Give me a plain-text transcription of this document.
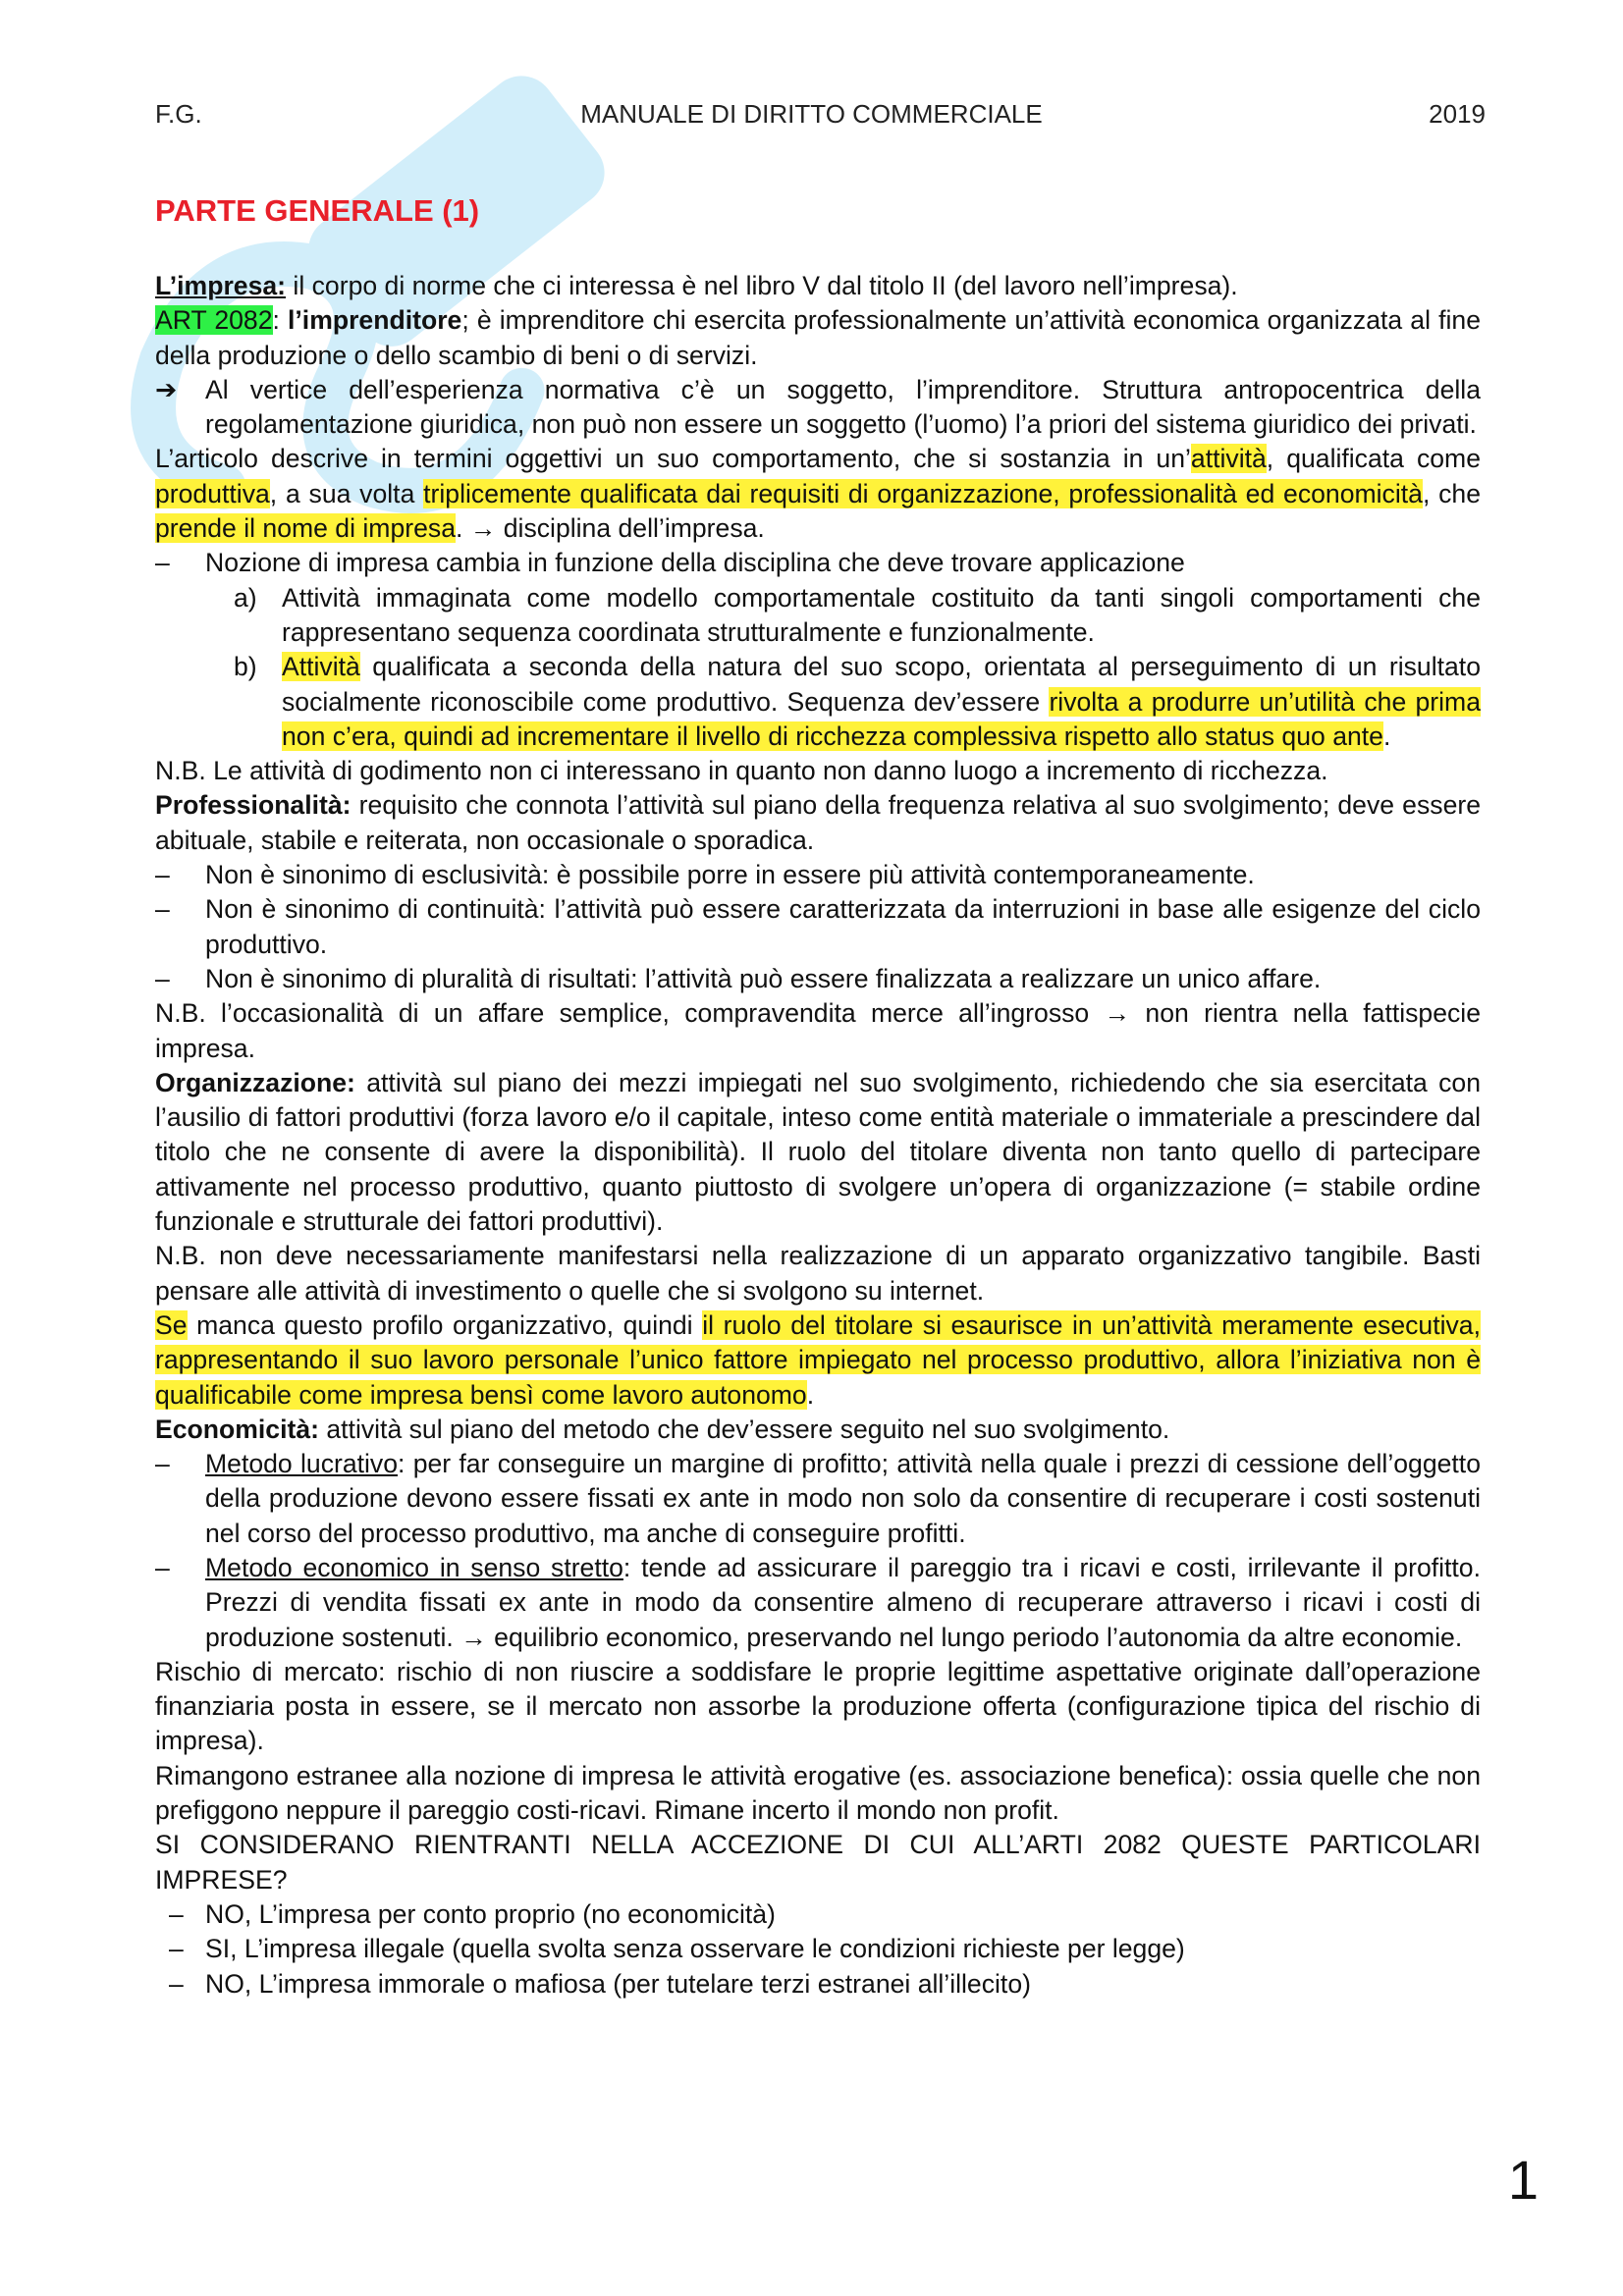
F.G.	MANUALE DI DIRITTO COMMERCIALE	2019
PARTE GENERALE (1)

L’impresa: il corpo di norme che ci interessa è nel libro V dal titolo II (del lavoro nell’impresa).

ART 2082: l’imprenditore; è imprenditore chi esercita professionalmente un’attività economica organizzata al fine della produzione o dello scambio di beni o di servizi.

➔ Al vertice dell’esperienza normativa c’è un soggetto, l’imprenditore. Struttura antropocentrica della regolamentazione giuridica, non può non essere un soggetto (l’uomo) l’a priori del sistema giuridico dei privati.

L’articolo descrive in termini oggettivi un suo comportamento, che si sostanzia in un’attività, qualificata come produttiva, a sua volta triplicemente qualificata dai requisiti di organizzazione, professionalità ed economicità, che prende il nome di impresa. → disciplina dell’impresa.

– Nozione di impresa cambia in funzione della disciplina che deve trovare applicazione

a) Attività immaginata come modello comportamentale costituito da tanti singoli comportamenti che rappresentano sequenza coordinata strutturalmente e funzionalmente.

b) Attività qualificata a seconda della natura del suo scopo, orientata al perseguimento di un risultato socialmente riconoscibile come produttivo. Sequenza dev’essere rivolta a produrre un’utilità che prima non c’era, quindi ad incrementare il livello di ricchezza complessiva rispetto allo status quo ante.

N.B. Le attività di godimento non ci interessano in quanto non danno luogo a incremento di ricchezza.

Professionalità: requisito che connota l’attività sul piano della frequenza relativa al suo svolgimento; deve essere abituale, stabile e reiterata, non occasionale o sporadica.

– Non è sinonimo di esclusività: è possibile porre in essere più attività contemporaneamente.

– Non è sinonimo di continuità: l’attività può essere caratterizzata da interruzioni in base alle esigenze del ciclo produttivo.

– Non è sinonimo di pluralità di risultati: l’attività può essere finalizzata a realizzare un unico affare.

N.B. l’occasionalità di un affare semplice, compravendita merce all’ingrosso → non rientra nella fattispecie impresa.

Organizzazione: attività sul piano dei mezzi impiegati nel suo svolgimento, richiedendo che sia esercitata con l’ausilio di fattori produttivi (forza lavoro e/o il capitale, inteso come entità materiale o immateriale a prescindere dal titolo che ne consente di avere la disponibilità). Il ruolo del titolare diventa non tanto quello di partecipare attivamente nel processo produttivo, quanto piuttosto di svolgere un’opera di organizzazione (= stabile ordine funzionale e strutturale dei fattori produttivi).

N.B. non deve necessariamente manifestarsi nella realizzazione di un apparato organizzativo tangibile. Basti pensare alle attività di investimento o quelle che si svolgono su internet.

Se manca questo profilo organizzativo, quindi il ruolo del titolare si esaurisce in un’attività meramente esecutiva, rappresentando il suo lavoro personale l’unico fattore impiegato nel processo produttivo, allora l’iniziativa non è qualificabile come impresa bensì come lavoro autonomo.

Economicità: attività sul piano del metodo che dev’essere seguito nel suo svolgimento.

– Metodo lucrativo: per far conseguire un margine di profitto; attività nella quale i prezzi di cessione dell’oggetto della produzione devono essere fissati ex ante in modo non solo da consentire di recuperare i costi sostenuti nel corso del processo produttivo, ma anche di conseguire profitti.

– Metodo economico in senso stretto: tende ad assicurare il pareggio tra i ricavi e costi, irrilevante il profitto. Prezzi di vendita fissati ex ante in modo da consentire almeno di recuperare attraverso i ricavi i costi di produzione sostenuti. → equilibrio economico, preservando nel lungo periodo l’autonomia da altre economie.

Rischio di mercato: rischio di non riuscire a soddisfare le proprie legittime aspettative originate dall’operazione finanziaria posta in essere, se il mercato non assorbe la produzione offerta (configurazione tipica del rischio di impresa).

Rimangono estranee alla nozione di impresa le attività erogative (es. associazione benefica): ossia quelle che non prefiggono neppure il pareggio costi-ricavi. Rimane incerto il mondo non profit.

SI CONSIDERANO RIENTRANTI NELLA ACCEZIONE DI CUI ALL’ARTI 2082 QUESTE PARTICOLARI IMPRESE?

– NO, L’impresa per conto proprio (no economicità)

– SI, L’impresa illegale (quella svolta senza osservare le condizioni richieste per legge)

– NO, L’impresa immorale o mafiosa (per tutelare terzi estranei all’illecito)

1
